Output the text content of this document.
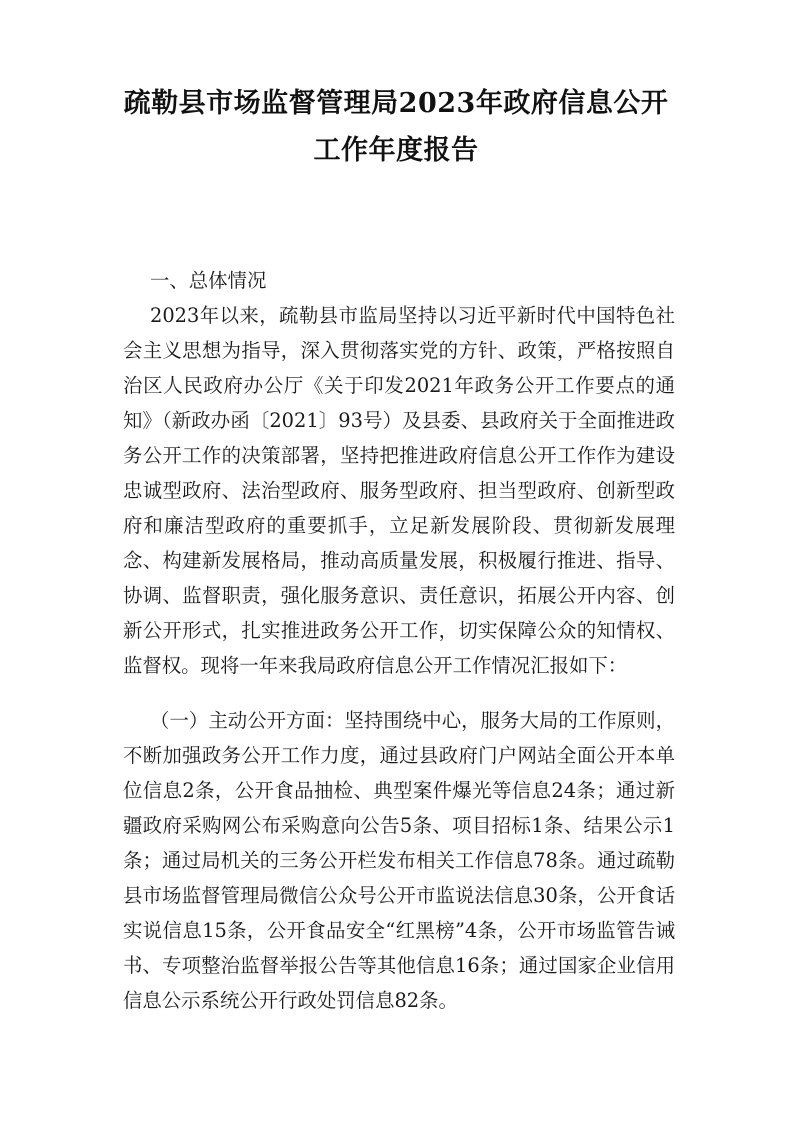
疏勒县市场监督管理局2023年政府信息公开工作年度报告

一、总体情况

2023年以来，疏勒县市监局坚持以习近平新时代中国特色社会主义思想为指导，深入贯彻落实党的方针、政策，严格按照自治区人民政府办公厅《关于印发2021年政务公开工作要点的通知》（新政办函〔2021〕93号）及县委、县政府关于全面推进政务公开工作的决策部署，坚持把推进政府信息公开工作作为建设忠诚型政府、法治型政府、服务型政府、担当型政府、创新型政府和廉洁型政府的重要抓手，立足新发展阶段、贯彻新发展理念、构建新发展格局，推动高质量发展，积极履行推进、指导、协调、监督职责，强化服务意识、责任意识，拓展公开内容、创新公开形式，扎实推进政务公开工作，切实保障公众的知情权、监督权。现将一年来我局政府信息公开工作情况汇报如下：

（一）主动公开方面：坚持围绕中心，服务大局的工作原则，不断加强政务公开工作力度，通过县政府门户网站全面公开本单位信息2条，公开食品抽检、典型案件爆光等信息24条；通过新疆政府采购网公布采购意向公告5条、项目招标1条、结果公示1条；通过局机关的三务公开栏发布相关工作信息78条。通过疏勒县市场监督管理局微信公众号公开市监说法信息30条，公开食话实说信息15条，公开食品安全“红黑榜”4条，公开市场监管告诫书、专项整治监督举报公告等其他信息16条；通过国家企业信用信息公示系统公开行政处罚信息82条。
